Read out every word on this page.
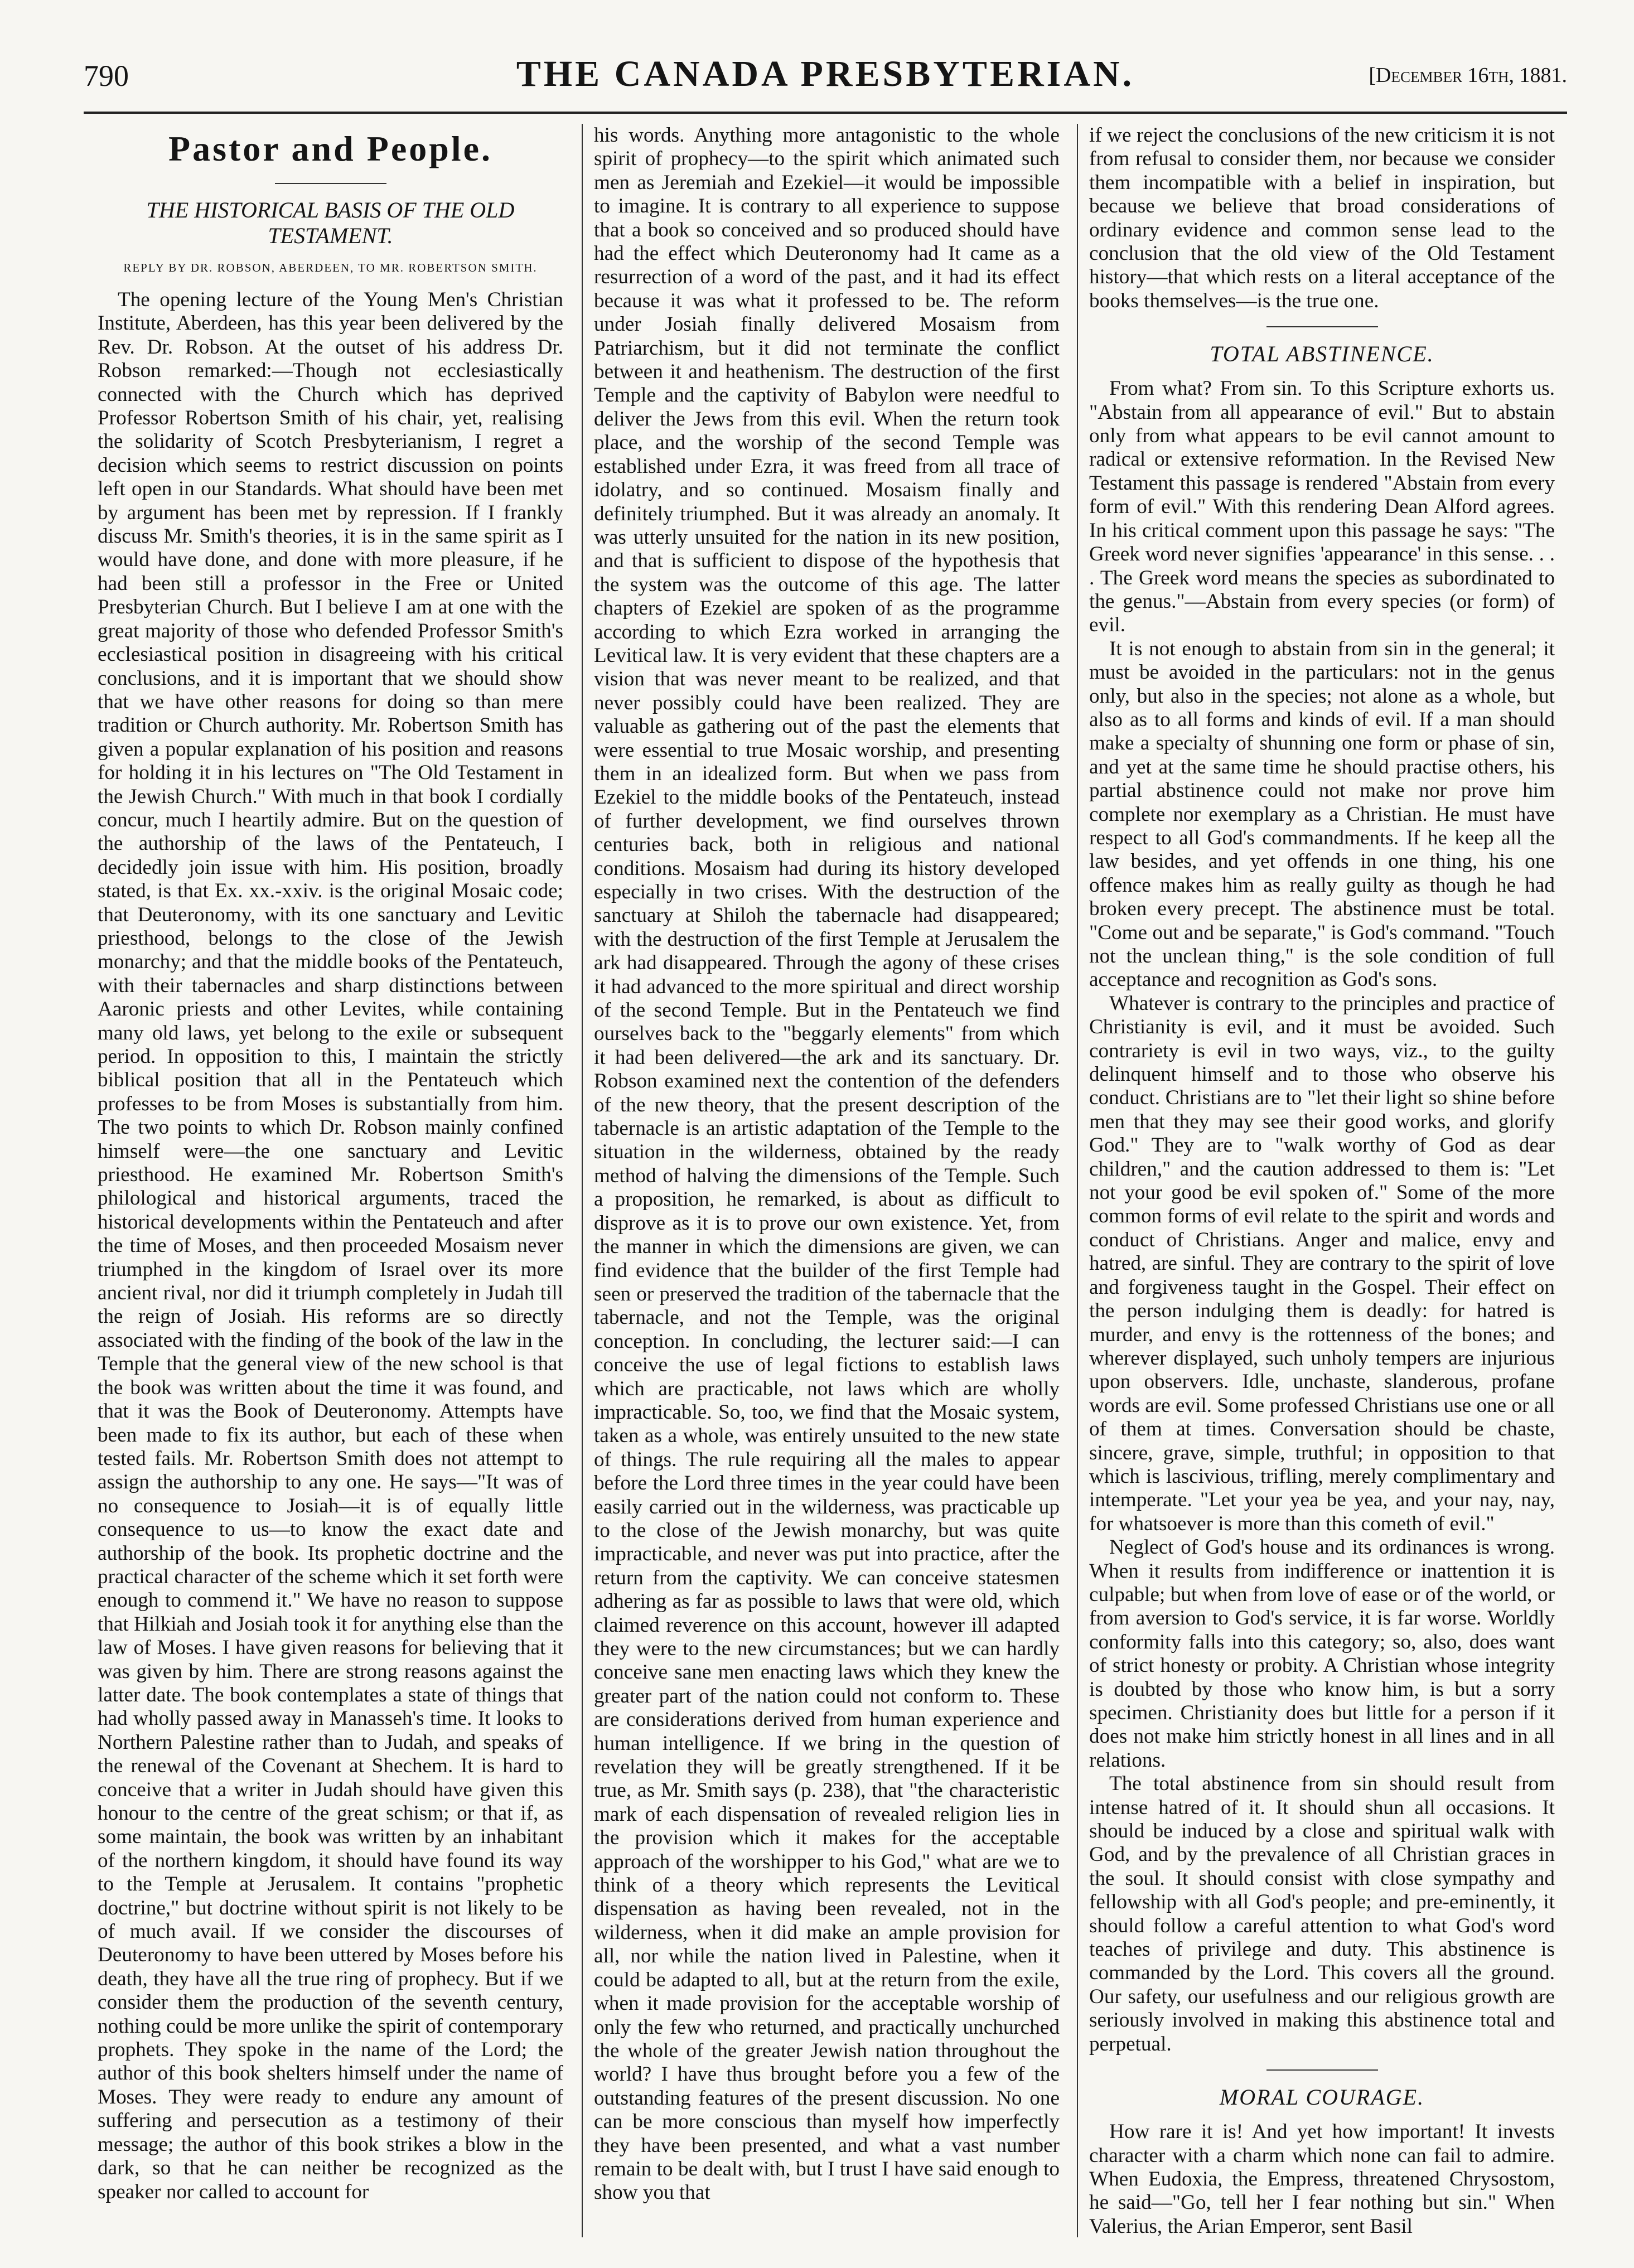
790	THE CANADA PRESBYTERIAN.	[December 16th, 1881.
Pastor and People.
THE HISTORICAL BASIS OF THE OLD TESTAMENT.
REPLY BY DR. ROBSON, ABERDEEN, TO MR. ROBERTSON SMITH.

The opening lecture of the Young Men's Christian Institute, Aberdeen, has this year been delivered by the Rev. Dr. Robson. At the outset of his address Dr. Robson remarked:—Though not ecclesiastically connected with the Church which has deprived Professor Robertson Smith of his chair, yet, realising the solidarity of Scotch Presbyterianism, I regret a decision which seems to restrict discussion on points left open in our Standards. What should have been met by argument has been met by repression. If I frankly discuss Mr. Smith's theories, it is in the same spirit as I would have done, and done with more pleasure, if he had been still a professor in the Free or United Presbyterian Church. But I believe I am at one with the great majority of those who defended Professor Smith's ecclesiastical position in disagreeing with his critical conclusions, and it is important that we should show that we have other reasons for doing so than mere tradition or Church authority. Mr. Robertson Smith has given a popular explanation of his position and reasons for holding it in his lectures on "The Old Testament in the Jewish Church." With much in that book I cordially concur, much I heartily admire. But on the question of the authorship of the laws of the Pentateuch, I decidedly join issue with him. His position, broadly stated, is that Ex. xx.-xxiv. is the original Mosaic code; that Deuteronomy, with its one sanctuary and Levitic priesthood, belongs to the close of the Jewish monarchy; and that the middle books of the Pentateuch, with their tabernacles and sharp distinctions between Aaronic priests and other Levites, while containing many old laws, yet belong to the exile or subsequent period. In opposition to this, I maintain the strictly biblical position that all in the Pentateuch which professes to be from Moses is substantially from him. The two points to which Dr. Robson mainly confined himself were—the one sanctuary and Levitic priesthood. He examined Mr. Robertson Smith's philological and historical arguments, traced the historical developments within the Pentateuch and after the time of Moses, and then proceeded Mosaism never triumphed in the kingdom of Israel over its more ancient rival, nor did it triumph completely in Judah till the reign of Josiah. His reforms are so directly associated with the finding of the book of the law in the Temple that the general view of the new school is that the book was written about the time it was found, and that it was the Book of Deuteronomy. Attempts have been made to fix its author, but each of these when tested fails. Mr. Robertson Smith does not attempt to assign the authorship to any one. He says—"It was of no consequence to Josiah—it is of equally little consequence to us—to know the exact date and authorship of the book. Its prophetic doctrine and the practical character of the scheme which it set forth were enough to commend it." We have no reason to suppose that Hilkiah and Josiah took it for anything else than the law of Moses. I have given reasons for believing that it was given by him. There are strong reasons against the latter date. The book contemplates a state of things that had wholly passed away in Manasseh's time. It looks to Northern Palestine rather than to Judah, and speaks of the renewal of the Covenant at Shechem. It is hard to conceive that a writer in Judah should have given this honour to the centre of the great schism; or that if, as some maintain, the book was written by an inhabitant of the northern kingdom, it should have found its way to the Temple at Jerusalem. It contains "prophetic doctrine," but doctrine without spirit is not likely to be of much avail. If we consider the discourses of Deuteronomy to have been uttered by Moses before his death, they have all the true ring of prophecy. But if we consider them the production of the seventh century, nothing could be more unlike the spirit of contemporary prophets. They spoke in the name of the Lord; the author of this book shelters himself under the name of Moses. They were ready to endure any amount of suffering and persecution as a testimony of their message; the author of this book strikes a blow in the dark, so that he can neither be recognized as the speaker nor called to account for

his words. Anything more antagonistic to the whole spirit of prophecy—to the spirit which animated such men as Jeremiah and Ezekiel—it would be impossible to imagine. It is contrary to all experience to suppose that a book so conceived and so produced should have had the effect which Deuteronomy had It came as a resurrection of a word of the past, and it had its effect because it was what it professed to be. The reform under Josiah finally delivered Mosaism from Patriarchism, but it did not terminate the conflict between it and heathenism. The destruction of the first Temple and the captivity of Babylon were needful to deliver the Jews from this evil. When the return took place, and the worship of the second Temple was established under Ezra, it was freed from all trace of idolatry, and so continued. Mosaism finally and definitely triumphed. But it was already an anomaly. It was utterly unsuited for the nation in its new position, and that is sufficient to dispose of the hypothesis that the system was the outcome of this age. The latter chapters of Ezekiel are spoken of as the programme according to which Ezra worked in arranging the Levitical law. It is very evident that these chapters are a vision that was never meant to be realized, and that never possibly could have been realized. They are valuable as gathering out of the past the elements that were essential to true Mosaic worship, and presenting them in an idealized form. But when we pass from Ezekiel to the middle books of the Pentateuch, instead of further development, we find ourselves thrown centuries back, both in religious and national conditions. Mosaism had during its history developed especially in two crises. With the destruction of the sanctuary at Shiloh the tabernacle had disappeared; with the destruction of the first Temple at Jerusalem the ark had disappeared. Through the agony of these crises it had advanced to the more spiritual and direct worship of the second Temple. But in the Pentateuch we find ourselves back to the "beggarly elements" from which it had been delivered—the ark and its sanctuary. Dr. Robson examined next the contention of the defenders of the new theory, that the present description of the tabernacle is an artistic adaptation of the Temple to the situation in the wilderness, obtained by the ready method of halving the dimensions of the Temple. Such a proposition, he remarked, is about as difficult to disprove as it is to prove our own existence. Yet, from the manner in which the dimensions are given, we can find evidence that the builder of the first Temple had seen or preserved the tradition of the tabernacle that the tabernacle, and not the Temple, was the original conception. In concluding, the lecturer said:—I can conceive the use of legal fictions to establish laws which are practicable, not laws which are wholly impracticable. So, too, we find that the Mosaic system, taken as a whole, was entirely unsuited to the new state of things. The rule requiring all the males to appear before the Lord three times in the year could have been easily carried out in the wilderness, was practicable up to the close of the Jewish monarchy, but was quite impracticable, and never was put into practice, after the return from the captivity. We can conceive statesmen adhering as far as possible to laws that were old, which claimed reverence on this account, however ill adapted they were to the new circumstances; but we can hardly conceive sane men enacting laws which they knew the greater part of the nation could not conform to. These are considerations derived from human experience and human intelligence. If we bring in the question of revelation they will be greatly strengthened. If it be true, as Mr. Smith says (p. 238), that "the characteristic mark of each dispensation of revealed religion lies in the provision which it makes for the acceptable approach of the worshipper to his God," what are we to think of a theory which represents the Levitical dispensation as having been revealed, not in the wilderness, when it did make an ample provision for all, nor while the nation lived in Palestine, when it could be adapted to all, but at the return from the exile, when it made provision for the acceptable worship of only the few who returned, and practically unchurched the whole of the greater Jewish nation throughout the world? I have thus brought before you a few of the outstanding features of the present discussion. No one can be more conscious than myself how imperfectly they have been presented, and what a vast number remain to be dealt with, but I trust I have said enough to show you that

if we reject the conclusions of the new criticism it is not from refusal to consider them, nor because we consider them incompatible with a belief in inspiration, but because we believe that broad considerations of ordinary evidence and common sense lead to the conclusion that the old view of the Old Testament history—that which rests on a literal acceptance of the books themselves—is the true one.

TOTAL ABSTINENCE.

From what? From sin. To this Scripture exhorts us. "Abstain from all appearance of evil." But to abstain only from what appears to be evil cannot amount to radical or extensive reformation. In the Revised New Testament this passage is rendered "Abstain from every form of evil." With this rendering Dean Alford agrees. In his critical comment upon this passage he says: "The Greek word never signifies 'appearance' in this sense. . . . The Greek word means the species as subordinated to the genus."—Abstain from every species (or form) of evil.

It is not enough to abstain from sin in the general; it must be avoided in the particulars: not in the genus only, but also in the species; not alone as a whole, but also as to all forms and kinds of evil. If a man should make a specialty of shunning one form or phase of sin, and yet at the same time he should practise others, his partial abstinence could not make nor prove him complete nor exemplary as a Christian. He must have respect to all God's commandments. If he keep all the law besides, and yet offends in one thing, his one offence makes him as really guilty as though he had broken every precept. The abstinence must be total. "Come out and be separate," is God's command. "Touch not the unclean thing," is the sole condition of full acceptance and recognition as God's sons.

Whatever is contrary to the principles and practice of Christianity is evil, and it must be avoided. Such contrariety is evil in two ways, viz., to the guilty delinquent himself and to those who observe his conduct. Christians are to "let their light so shine before men that they may see their good works, and glorify God." They are to "walk worthy of God as dear children," and the caution addressed to them is: "Let not your good be evil spoken of." Some of the more common forms of evil relate to the spirit and words and conduct of Christians. Anger and malice, envy and hatred, are sinful. They are contrary to the spirit of love and forgiveness taught in the Gospel. Their effect on the person indulging them is deadly: for hatred is murder, and envy is the rottenness of the bones; and wherever displayed, such unholy tempers are injurious upon observers. Idle, unchaste, slanderous, profane words are evil. Some professed Christians use one or all of them at times. Conversation should be chaste, sincere, grave, simple, truthful; in opposition to that which is lascivious, trifling, merely complimentary and intemperate. "Let your yea be yea, and your nay, nay, for whatsoever is more than this cometh of evil."

Neglect of God's house and its ordinances is wrong. When it results from indifference or inattention it is culpable; but when from love of ease or of the world, or from aversion to God's service, it is far worse. Worldly conformity falls into this category; so, also, does want of strict honesty or probity. A Christian whose integrity is doubted by those who know him, is but a sorry specimen. Christianity does but little for a person if it does not make him strictly honest in all lines and in all relations.

The total abstinence from sin should result from intense hatred of it. It should shun all occasions. It should be induced by a close and spiritual walk with God, and by the prevalence of all Christian graces in the soul. It should consist with close sympathy and fellowship with all God's people; and pre-eminently, it should follow a careful attention to what God's word teaches of privilege and duty. This abstinence is commanded by the Lord. This covers all the ground. Our safety, our usefulness and our religious growth are seriously involved in making this abstinence total and perpetual.

MORAL COURAGE.

How rare it is! And yet how important! It invests character with a charm which none can fail to admire. When Eudoxia, the Empress, threatened Chrysostom, he said—"Go, tell her I fear nothing but sin." When Valerius, the Arian Emperor, sent Basil
